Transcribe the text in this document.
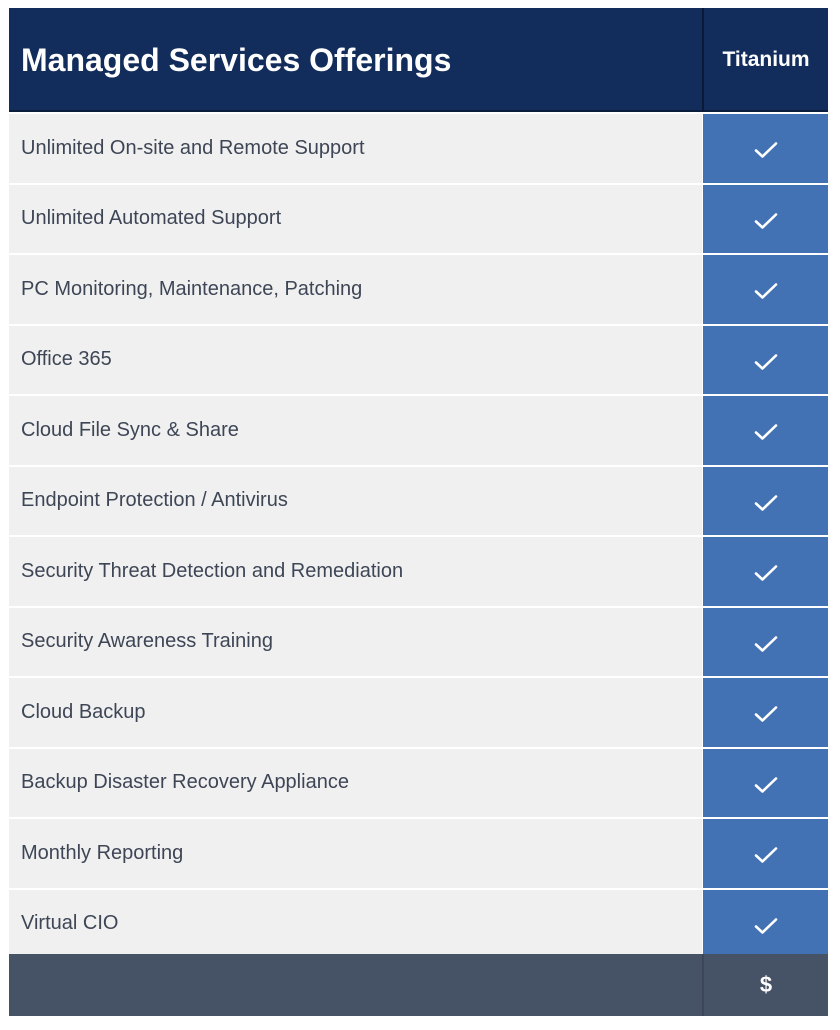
Managed Services Offerings	Titanium
Unlimited On-site and Remote Support
Unlimited Automated Support
PC Monitoring, Maintenance, Patching
Office 365
Cloud File Sync & Share
Endpoint Protection / Antivirus
Security Threat Detection and Remediation
Security Awareness Training
Cloud Backup
Backup Disaster Recovery Appliance
Monthly Reporting
Virtual CIO
$
